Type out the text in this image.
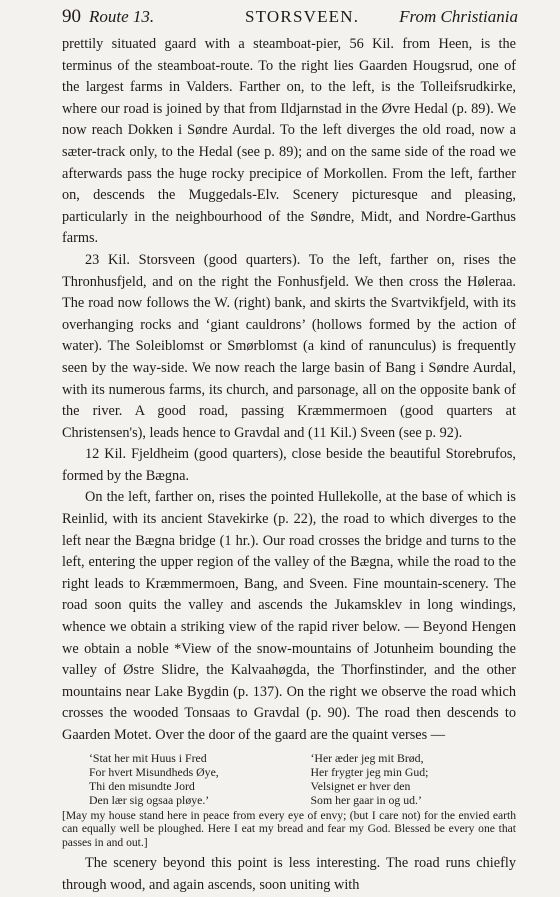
90 Route 13.	STORSVEEN. From Christiania

prettily situated gaard with a steamboat-pier, 56 Kil. from Heen, is the terminus of the steamboat-route. To the right lies Gaarden Hougsrud, one of the largest farms in Valders. Farther on, to the left, is the Tolleifsrudkirke, where our road is joined by that from Ildjarnstad in the Øvre Hedal (p. 89). We now reach Dokken i Søndre Aurdal. To the left diverges the old road, now a sæter-track only, to the Hedal (see p. 89); and on the same side of the road we afterwards pass the huge rocky precipice of Morkollen. From the left, farther on, descends the Muggedals-Elv. Scenery picturesque and pleasing, particularly in the neighbourhood of the Søndre, Midt, and Nordre-Garthus farms.

23 Kil. Storsveen (good quarters). To the left, farther on, rises the Thronhusfjeld, and on the right the Fonhusfjeld. We then cross the Høleraa. The road now follows the W. (right) bank, and skirts the Svartvikfjeld, with its overhanging rocks and ‘giant cauldrons’ (hollows formed by the action of water). The Soleiblomst or Smørblomst (a kind of ranunculus) is frequently seen by the way-side. We now reach the large basin of Bang i Søndre Aurdal, with its numerous farms, its church, and parsonage, all on the opposite bank of the river. A good road, passing Kræmmermoen (good quarters at Christensen's), leads hence to Gravdal and (11 Kil.) Sveen (see p. 92).

12 Kil. Fjeldheim (good quarters), close beside the beautiful Storebrufos, formed by the Bægna.

On the left, farther on, rises the pointed Hullekolle, at the base of which is Reinlid, with its ancient Stavekirke (p. 22), the road to which diverges to the left near the Bægna bridge (1 hr.). Our road crosses the bridge and turns to the left, entering the upper region of the valley of the Bægna, while the road to the right leads to Kræmmermoen, Bang, and Sveen. Fine mountain-scenery. The road soon quits the valley and ascends the Jukamsklev in long windings, whence we obtain a striking view of the rapid river below. — Beyond Hengen we obtain a noble *View of the snow-mountains of Jotunheim bounding the valley of Østre Slidre, the Kalvaahøgda, the Thorfinstinder, and the other mountains near Lake Bygdin (p. 137). On the right we observe the road which crosses the wooded Tonsaas to Gravdal (p. 90). The road then descends to Gaarden Motet. Over the door of the gaard are the quaint verses —

‘Stat her mit Huus i Fred
For hvert Misundheds Øye,
Thi den misundte Jord
Den lær sig ogsaa pløye.’
‘Her æder jeg mit Brød,
Her frygter jeg min Gud;
Velsignet er hver den
Som her gaar in og ud.’

[May my house stand here in peace from every eye of envy; (but I care not) for the envied earth can equally well be ploughed. Here I eat my bread and fear my God. Blessed be every one that passes in and out.]

The scenery beyond this point is less interesting. The road runs chiefly through wood, and again ascends, soon uniting with
